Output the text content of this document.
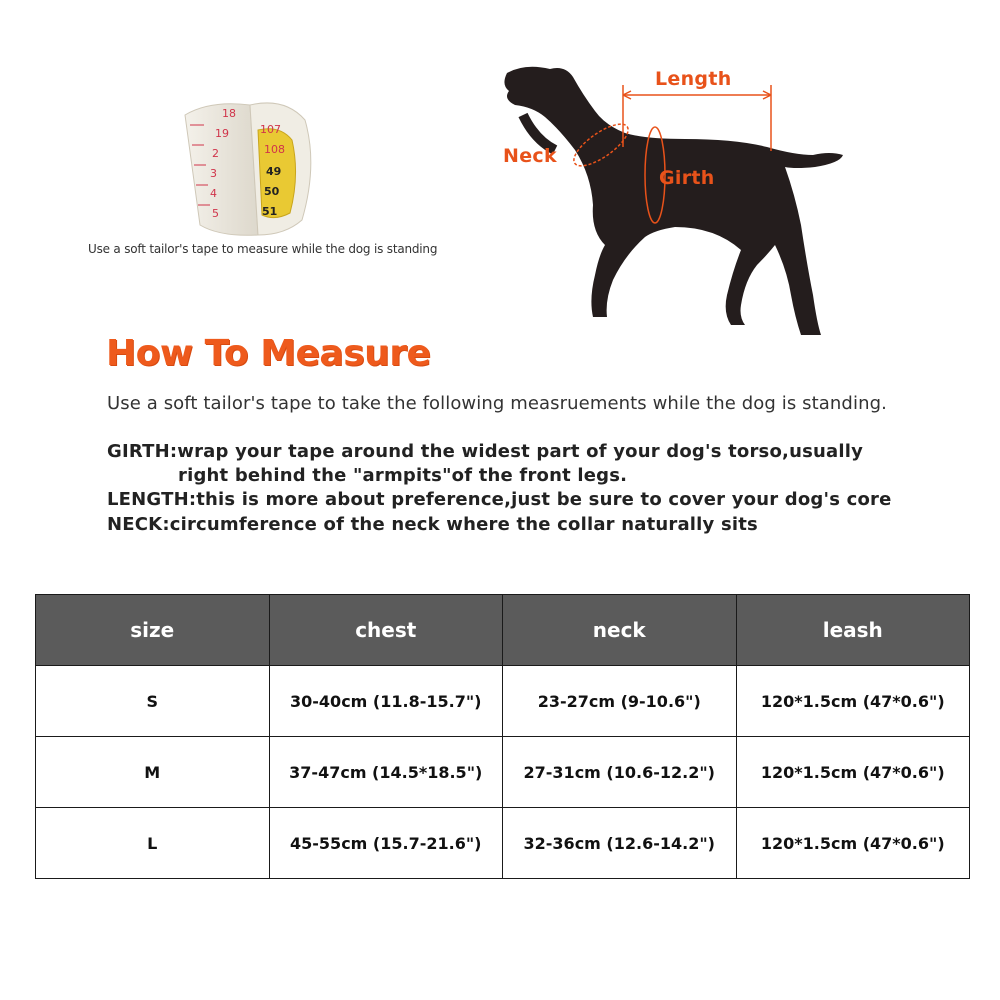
18
19
2
3
4
5
107
108
49
50
51
Use a soft tailor's tape to measure while the dog is standing
Length
Neck
Girth
How To Measure
Use a soft tailor's tape to take the following measruements while the dog is standing.
GIRTH:wrap your tape around the widest part of your dog's torso,usually
right behind the "armpits"of the front legs.
LENGTH:this is more about preference,just be sure to cover your dog's core
NECK:circumference of the neck where the collar naturally sits
size	chest	neck	leash
S	30-40cm (11.8-15.7")	23-27cm (9-10.6")	120*1.5cm (47*0.6")
M	37-47cm (14.5*18.5")	27-31cm (10.6-12.2")	120*1.5cm (47*0.6")
L	45-55cm (15.7-21.6")	32-36cm (12.6-14.2")	120*1.5cm (47*0.6")
